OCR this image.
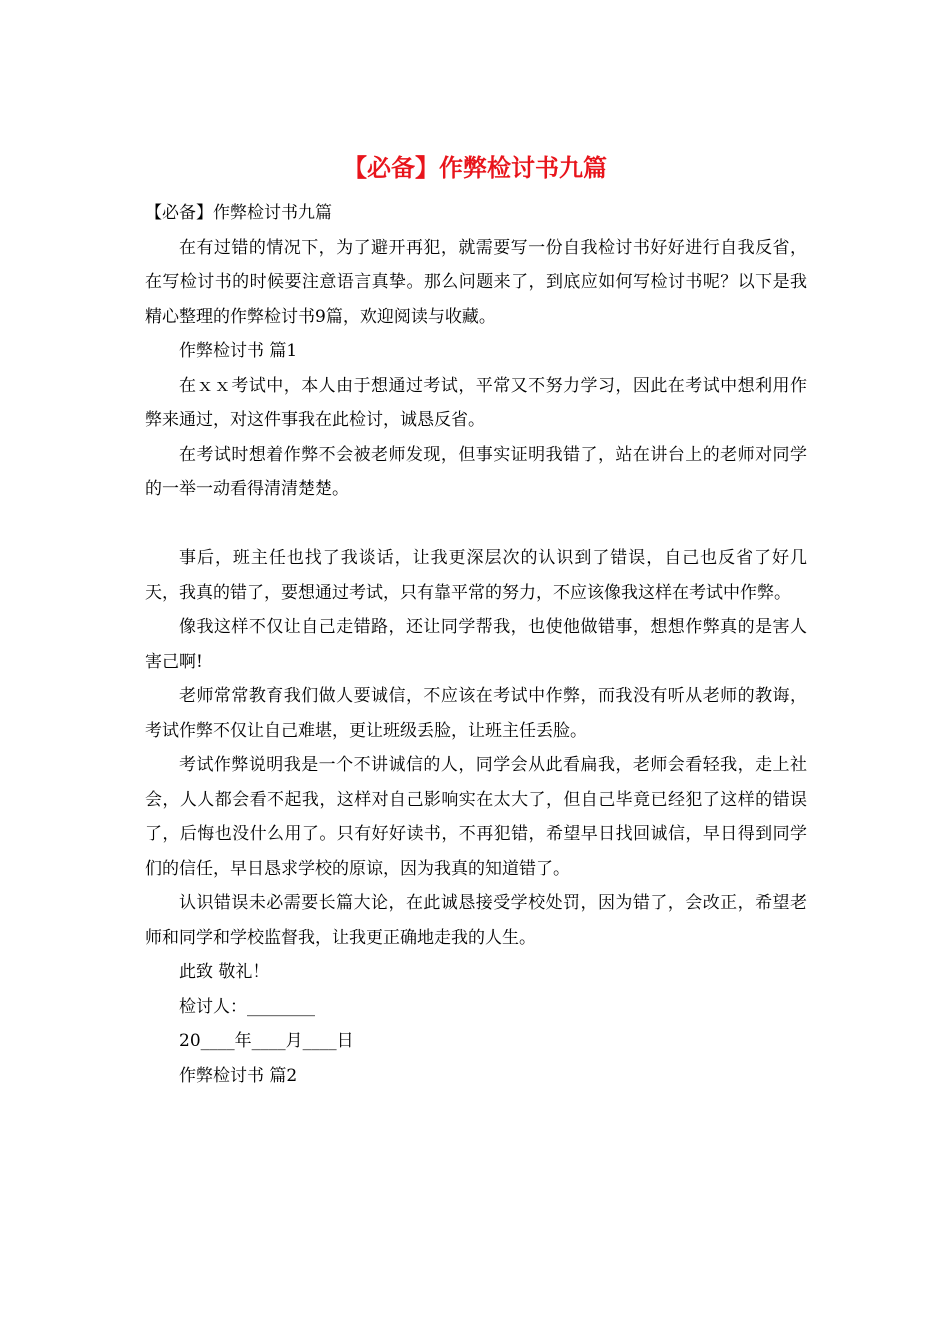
【必备】作弊检讨书九篇

【必备】作弊检讨书九篇

在有过错的情况下，为了避开再犯，就需要写一份自我检讨书好好进行自我反省，在写检讨书的时候要注意语言真挚。那么问题来了，到底应如何写检讨书呢？以下是我精心整理的作弊检讨书9篇，欢迎阅读与收藏。

作弊检讨书 篇1

在ｘｘ考试中，本人由于想通过考试，平常又不努力学习，因此在考试中想利用作弊来通过，对这件事我在此检讨，诚恳反省。

在考试时想着作弊不会被老师发现，但事实证明我错了，站在讲台上的老师对同学的一举一动看得清清楚楚。

事后，班主任也找了我谈话，让我更深层次的认识到了错误，自己也反省了好几天，我真的错了，要想通过考试，只有靠平常的努力，不应该像我这样在考试中作弊。

像我这样不仅让自己走错路，还让同学帮我，也使他做错事，想想作弊真的是害人害己啊!

老师常常教育我们做人要诚信，不应该在考试中作弊，而我没有听从老师的教诲，考试作弊不仅让自己难堪，更让班级丢脸，让班主任丢脸。

考试作弊说明我是一个不讲诚信的人，同学会从此看扁我，老师会看轻我，走上社会，人人都会看不起我，这样对自己影响实在太大了，但自己毕竟已经犯了这样的错误了，后悔也没什么用了。只有好好读书，不再犯错，希望早日找回诚信，早日得到同学们的信任，早日恳求学校的原谅，因为我真的知道错了。

认识错误未必需要长篇大论，在此诚恳接受学校处罚，因为错了，会改正，希望老师和同学和学校监督我，让我更正确地走我的人生。

此致 敬礼！

检讨人：________

20____年____月____日

作弊检讨书 篇2
